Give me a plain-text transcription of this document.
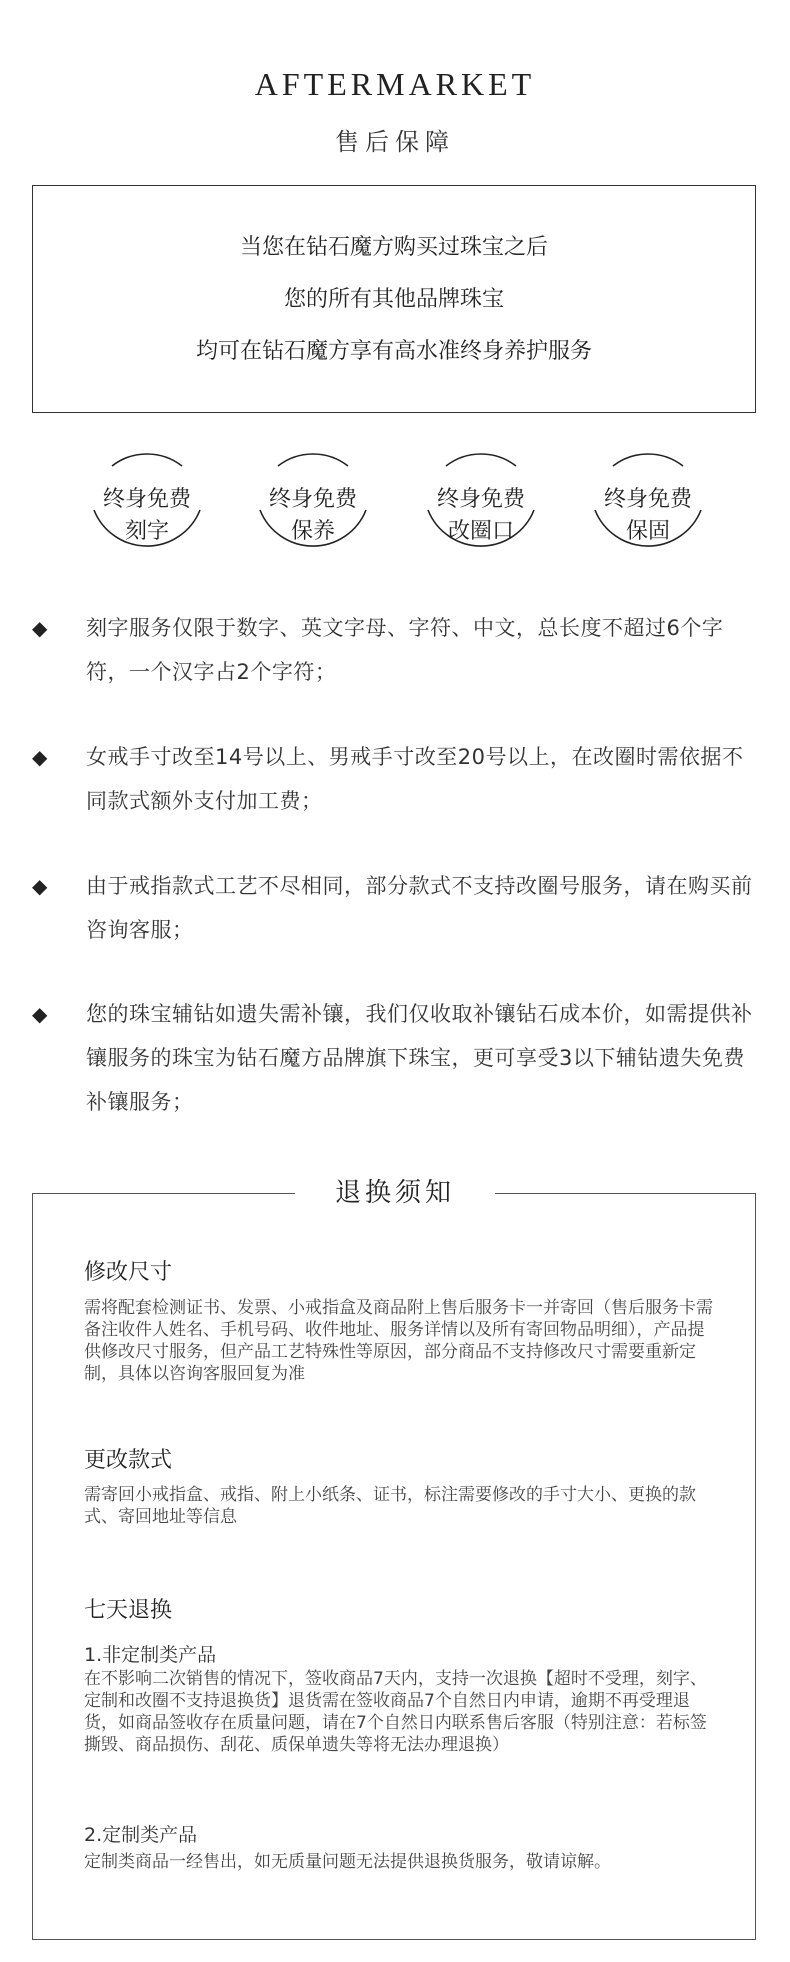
AFTERMARKET
售后保障
当您在钻石魔方购买过珠宝之后
您的所有其他品牌珠宝
均可在钻石魔方享有高水准终身养护服务
终身免费
刻字
终身免费
保养
终身免费
改圈口
终身免费
保固
◆ 刻字服务仅限于数字、英文字母、字符、中文，总长度不超过6个字符，一个汉字占2个字符；
◆ 女戒手寸改至14号以上、男戒手寸改至20号以上，在改圈时需依据不同款式额外支付加工费；
◆ 由于戒指款式工艺不尽相同，部分款式不支持改圈号服务，请在购买前咨询客服；
◆ 您的珠宝辅钻如遗失需补镶，我们仅收取补镶钻石成本价，如需提供补镶服务的珠宝为钻石魔方品牌旗下珠宝，更可享受3以下辅钻遗失免费补镶服务；
退换须知
修改尺寸
需将配套检测证书、发票、小戒指盒及商品附上售后服务卡一并寄回（售后服务卡需备注收件人姓名、手机号码、收件地址、服务详情以及所有寄回物品明细），产品提供修改尺寸服务，但产品工艺特殊性等原因，部分商品不支持修改尺寸需要重新定制，具体以咨询客服回复为准
更改款式
需寄回小戒指盒、戒指、附上小纸条、证书，标注需要修改的手寸大小、更换的款式、寄回地址等信息
七天退换
1.非定制类产品
在不影响二次销售的情况下，签收商品7天内，支持一次退换【超时不受理，刻字、定制和改圈不支持退换货】退货需在签收商品7个自然日内申请，逾期不再受理退货，如商品签收存在质量问题，请在7个自然日内联系售后客服（特别注意：若标签撕毁、商品损伤、刮花、质保单遗失等将无法办理退换）
2.定制类产品
定制类商品一经售出，如无质量问题无法提供退换货服务，敬请谅解。
